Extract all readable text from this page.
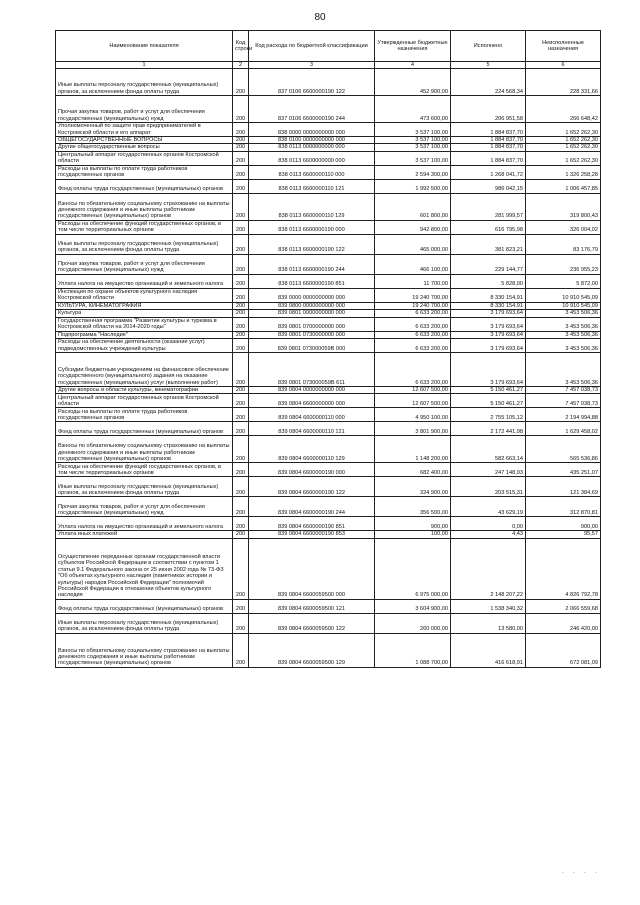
80
Наименование показателя	Код строки	Код расхода по бюджетной классификации	Утвержденные бюджетные назначения	Исполнено	Неисполненные назначения
1	2	3	4	5	6
Иные выплаты персоналу государственных (муниципальных) органов, за исключением фонда оплаты труда	200	837 0106 6600000190 122	452 900,00	224 568,34	228 331,66
Прочая закупка товаров, работ и услуг для обеспечения государственных (муниципальных) нужд	200	837 0106 6600000190 244	473 600,00	206 951,58	266 648,42
Уполномоченный по защите прав предпринимателей в Костромской области и его аппарат	200	838 0000 0000000000 000	3 537 100,00	1 884 837,70	1 652 262,30
ОБЩЕГОСУДАРСТВЕННЫЕ ВОПРОСЫ	200	838 0100 0000000000 000	3 537 100,00	1 884 837,70	1 652 262,30
Другие общегосударственные вопросы	200	838 0113 0000000000 000	3 537 100,00	1 884 837,70	1 652 262,30
Центральный аппарат государственных органов Костромской области	200	838 0113 6600000000 000	3 537 100,00	1 884 837,70	1 652 262,30
Расходы на выплаты по оплате труда работников государственных органов	200	838 0113 6600000110 000	2 594 300,00	1 268 041,72	1 326 258,28
Фонд оплаты труда государственных (муниципальных) органов	200	838 0113 6600000110 121	1 992 500,00	986 042,15	1 006 457,85
Взносы по обязательному социальному страхованию на выплаты денежного содержания и иные выплаты работникам государственных (муниципальных) органов	200	838 0113 6600000110 129	601 800,00	281 999,57	319 800,43
Расходы на обеспечение функций государственных органов, в том числе территориальных органов	200	838 0113 6600000190 000	942 800,00	616 795,98	326 004,02
Иные выплаты персоналу государственных (муниципальных) органов, за исключением фонда оплаты труда	200	838 0113 6600000190 122	465 000,00	381 823,21	83 176,79
Прочая закупка товаров, работ и услуг для обеспечения государственных (муниципальных) нужд	200	838 0113 6600000190 244	466 100,00	229 144,77	236 955,23
Уплата налога на имущество организаций и земельного налога	200	838 0113 6600000190 851	11 700,00	5 828,00	5 872,00
Инспекция по охране объектов культурного наследия Костромской области	200	839 0000 0000000000 000	19 240 700,00	8 330 154,91	10 910 545,09
КУЛЬТУРА, КИНЕМАТОГРАФИЯ	200	839 0800 0000000000 000	19 240 700,00	8 330 154,91	10 910 545,09
Культура	200	839 0801 0000000000 000	6 633 200,00	3 179 693,64	3 453 506,36
Государственная программа "Развитие культуры и туризма в Костромской области на 2014-2020 годы"	200	839 0801 0700000000 000	6 633 200,00	3 179 693,64	3 453 506,36
Подпрограмма "Наследие"	200	839 0801 0730000000 000	6 633 200,00	3 179 693,64	3 453 506,36
Расходы на обеспечение деятельности (оказание услуг) подведомственных учреждений культуры	200	839 0801 073000059В 000	6 633 200,00	3 179 693,64	3 453 506,36
Субсидии бюджетным учреждениям на финансовое обеспечение государственного (муниципального) задания на оказание государственных (муниципальных) услуг (выполнение работ)	200	839 0801 073000059В 611	6 633 200,00	3 179 693,64	3 453 506,36
Другие вопросы в области культуры, кинематографии	200	839 0804 0000000000 000	12 607 500,00	5 150 461,27	7 457 038,73
Центральный аппарат государственных органов Костромской области	200	839 0804 6600000000 000	12 607 500,00	5 150 461,27	7 457 038,73
Расходы на выплаты по оплате труда работников государственных органов	200	839 0804 6600000110 000	4 950 100,00	2 755 105,12	2 194 994,88
Фонд оплаты труда государственных (муниципальных) органов	200	839 0804 6600000110 121	3 801 900,00	2 172 441,98	1 629 458,02
Взносы по обязательному социальному страхованию на выплаты денежного содержания и иные выплаты работникам государственных (муниципальных) органов	200	839 0804 6600000110 129	1 148 200,00	582 663,14	565 536,86
Расходы на обеспечение функций государственных органов, в том числе территориальных органов	200	839 0804 6600000190 000	682 400,00	247 148,93	435 251,07
Иные выплаты персоналу государственных (муниципальных) органов, за исключением фонда оплаты труда	200	839 0804 6600000190 122	324 900,00	203 515,31	121 384,69
Прочая закупка товаров, работ и услуг для обеспечения государственных (муниципальных) нужд	200	839 0804 6600000190 244	356 500,00	43 629,19	312 870,81
Уплата налога на имущество организаций и земельного налога	200	839 0804 6600000190 851	900,00	0,00	900,00
Уплата иных платежей	200	839 0804 6600000190 853	100,00	4,43	95,57
Осуществление переданных органам государственной власти субъектов Российской Федерации в соответствии с пунктом 1 статьи 9.1 Федерального закона от 25 июня 2002 года № 73-ФЗ "Об объектах культурного наследия (памятниках истории и культуры) народов Российской Федерации" полномочий Российской Федерации в отношении объектов культурного наследия	200	839 0804 6600059500 000	6 975 000,00	2 148 207,22	4 826 792,78
Фонд оплаты труда государственных (муниципальных) органов	200	839 0804 6600059500 121	3 604 900,00	1 538 340,32	2 066 559,68
Иные выплаты персоналу государственных (муниципальных) органов, за исключением фонда оплаты труда	200	839 0804 6600059500 122	260 000,00	13 580,00	246 420,00
Взносы по обязательному социальному страхованию на выплаты денежного содержания и иные выплаты работникам государственных (муниципальных) органов	200	839 0804 6600059500 129	1 088 700,00	416 618,91	672 081,09
· · · ·
